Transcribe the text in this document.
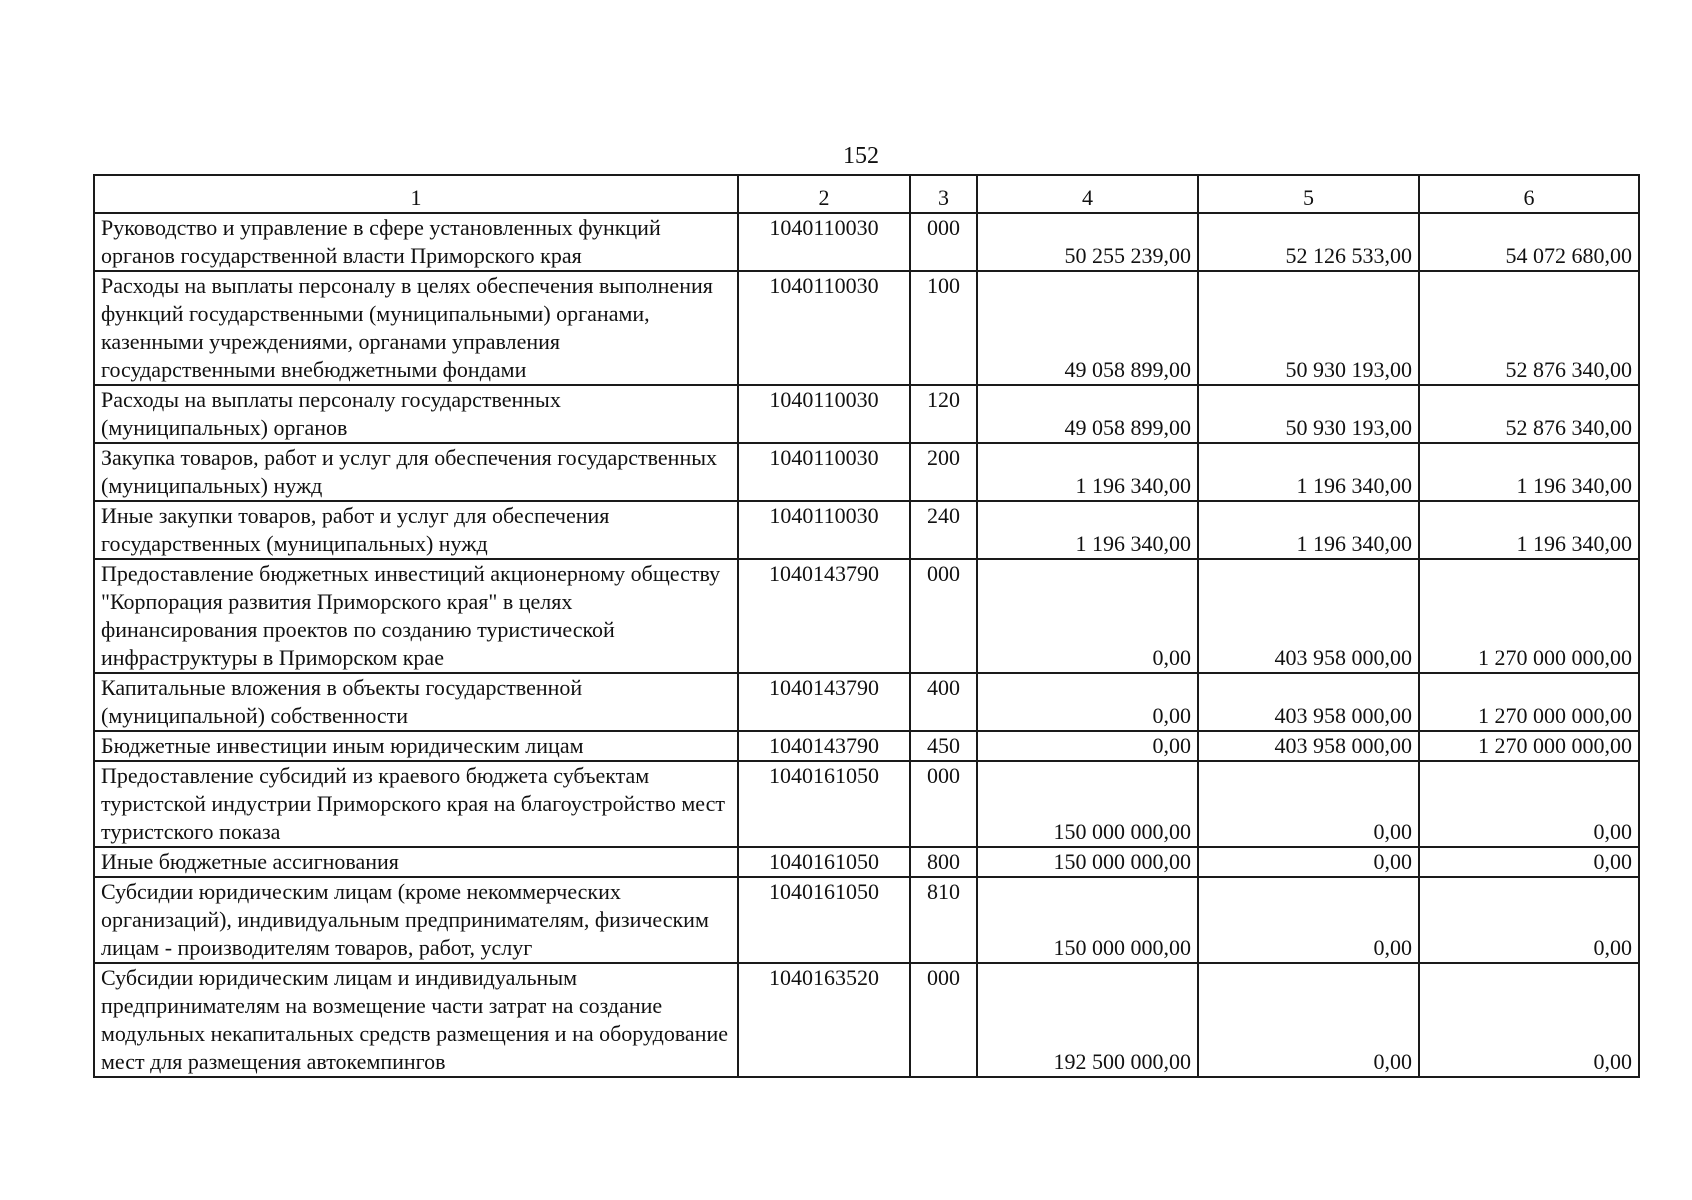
152
1	2	3	4	5	6
Руководство и управление в сфере установленных функций органов государственной власти Приморского края	1040110030	000	50 255 239,00	52 126 533,00	54 072 680,00
Расходы на выплаты персоналу в целях обеспечения выполнения функций государственными (муниципальными) органами, казенными учреждениями, органами управления государственными внебюджетными фондами	1040110030	100	49 058 899,00	50 930 193,00	52 876 340,00
Расходы на выплаты персоналу государственных (муниципальных) органов	1040110030	120	49 058 899,00	50 930 193,00	52 876 340,00
Закупка товаров, работ и услуг для обеспечения государственных (муниципальных) нужд	1040110030	200	1 196 340,00	1 196 340,00	1 196 340,00
Иные закупки товаров, работ и услуг для обеспечения государственных (муниципальных) нужд	1040110030	240	1 196 340,00	1 196 340,00	1 196 340,00
Предоставление бюджетных инвестиций акционерному обществу "Корпорация развития Приморского края" в целях финансирования проектов по созданию туристической инфраструктуры в Приморском крае	1040143790	000	0,00	403 958 000,00	1 270 000 000,00
Капитальные вложения в объекты государственной (муниципальной) собственности	1040143790	400	0,00	403 958 000,00	1 270 000 000,00
Бюджетные инвестиции иным юридическим лицам	1040143790	450	0,00	403 958 000,00	1 270 000 000,00
Предоставление субсидий из краевого бюджета субъектам туристской индустрии Приморского края на благоустройство мест туристского показа	1040161050	000	150 000 000,00	0,00	0,00
Иные бюджетные ассигнования	1040161050	800	150 000 000,00	0,00	0,00
Субсидии юридическим лицам (кроме некоммерческих организаций), индивидуальным предпринимателям, физическим лицам - производителям товаров, работ, услуг	1040161050	810	150 000 000,00	0,00	0,00
Субсидии юридическим лицам и индивидуальным предпринимателям на возмещение части затрат на создание модульных некапитальных средств размещения и на оборудование мест для размещения автокемпингов	1040163520	000	192 500 000,00	0,00	0,00
